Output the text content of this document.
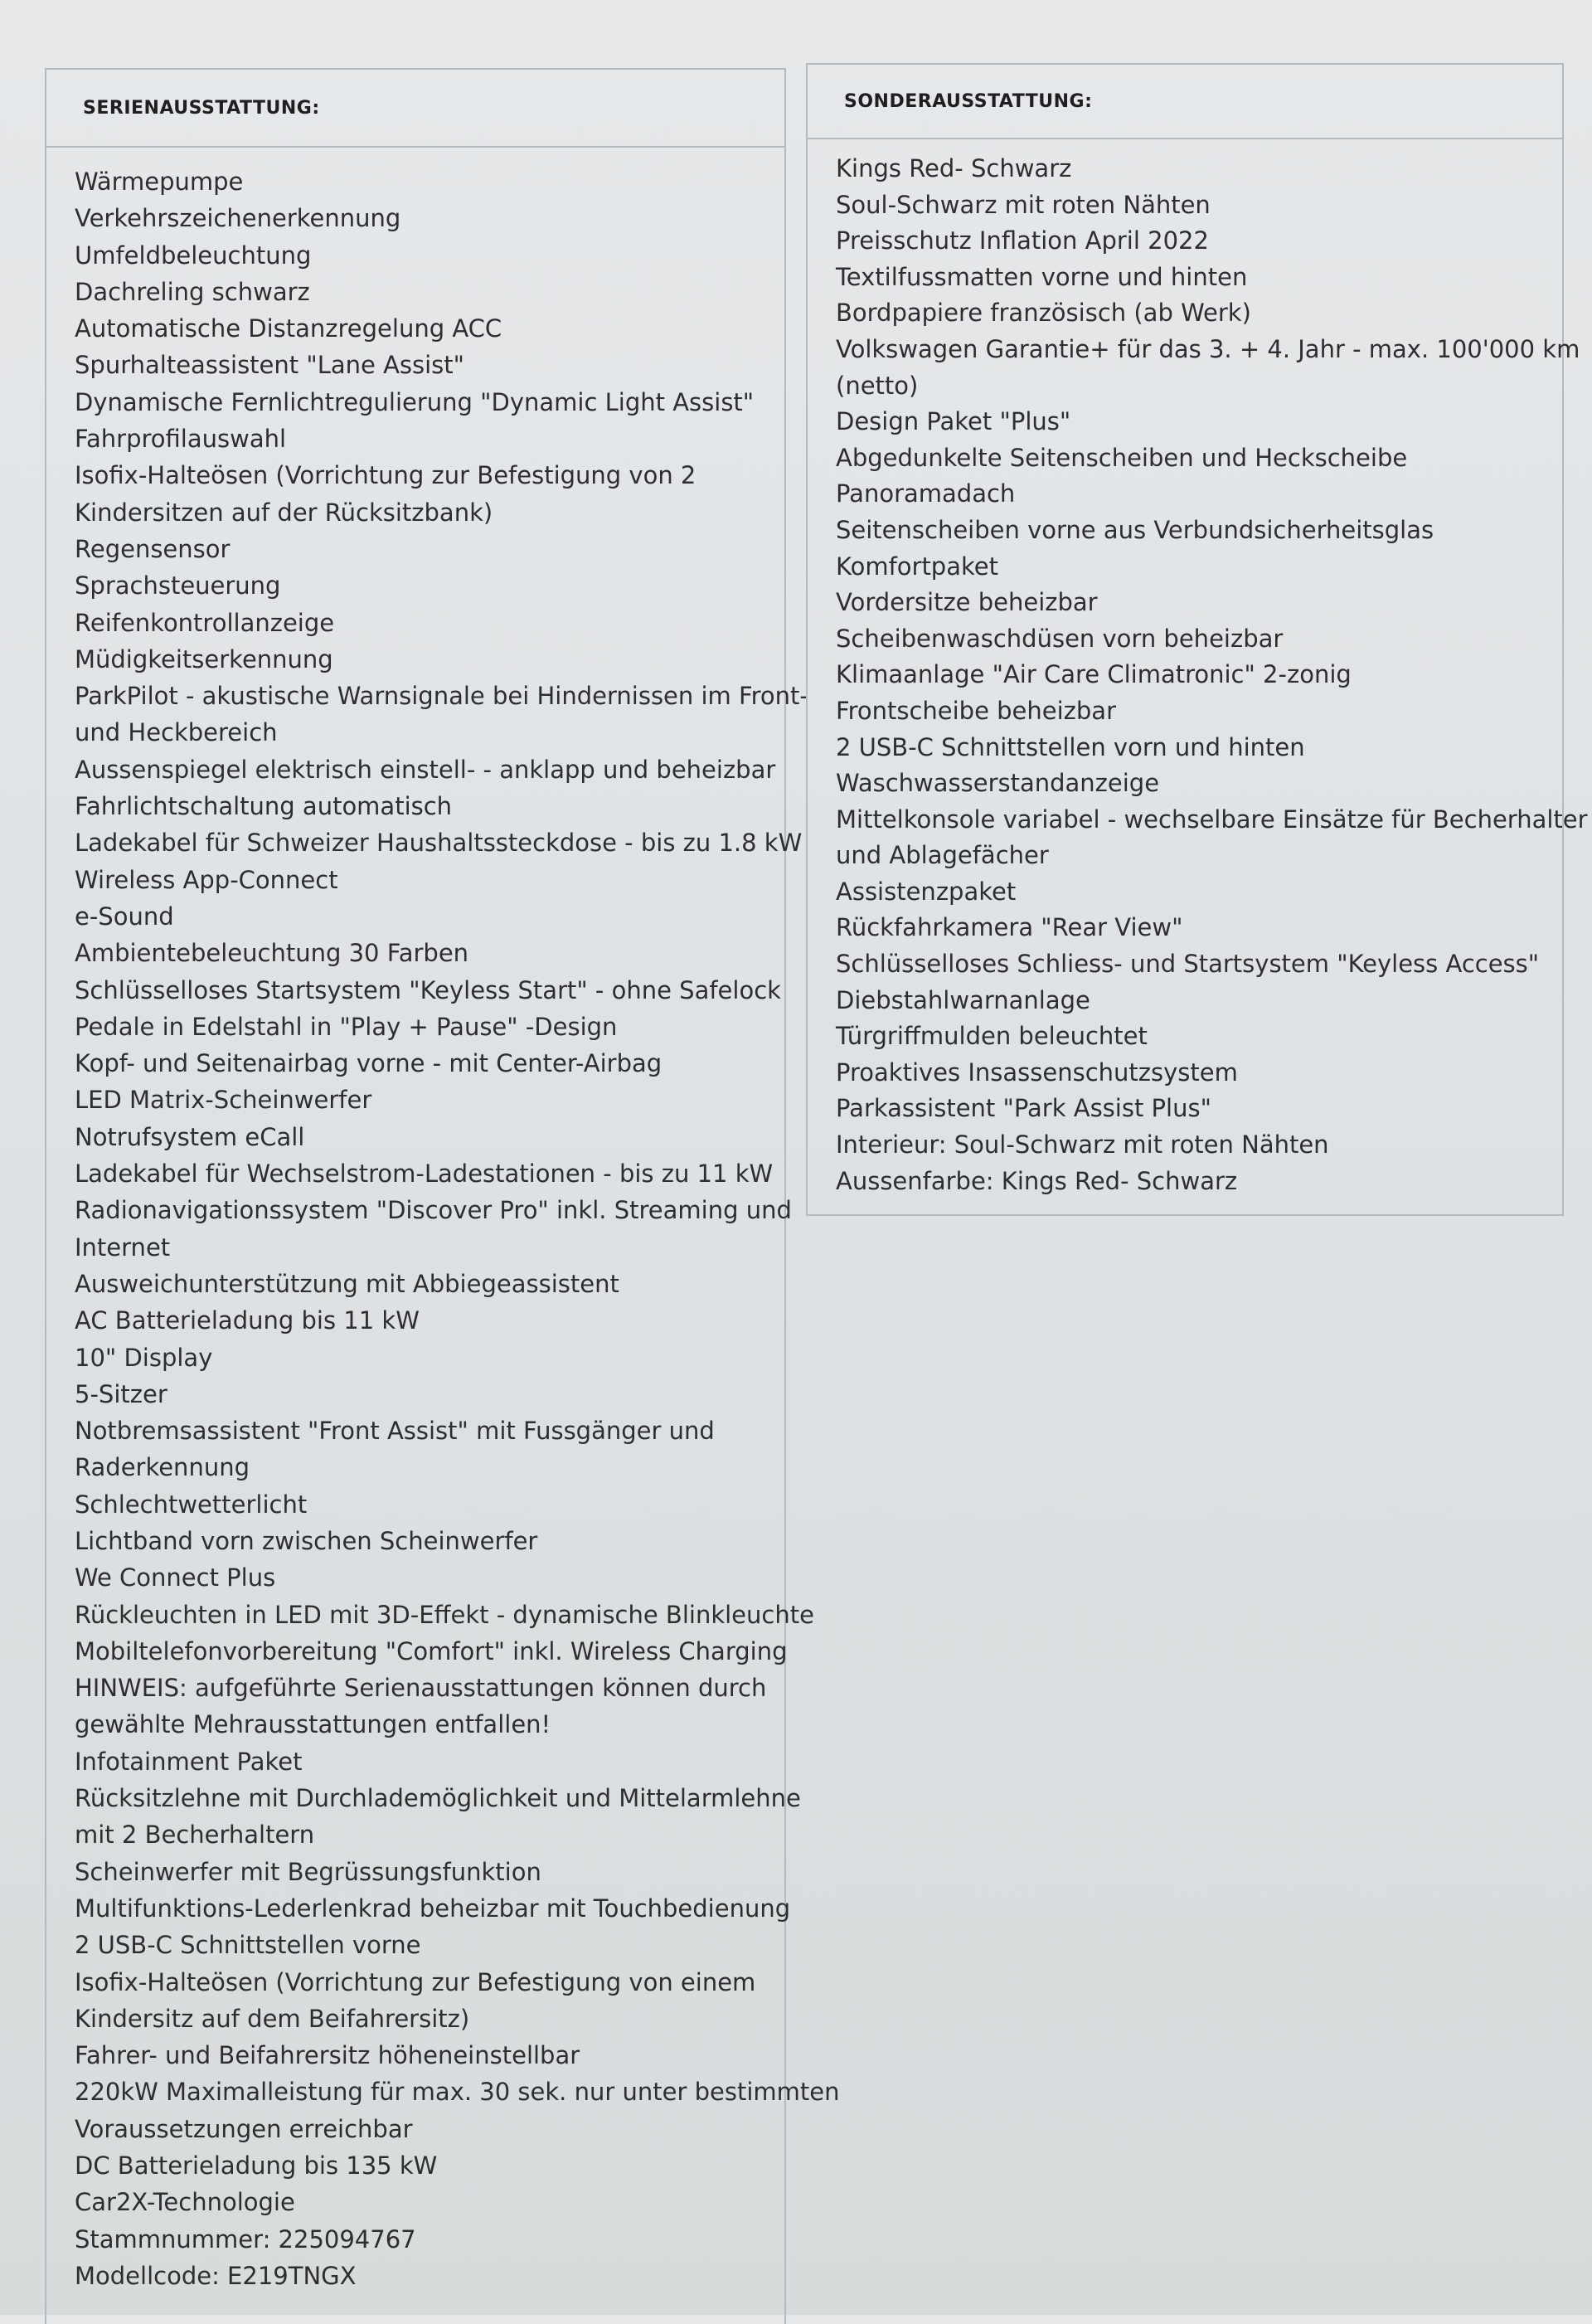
SERIENAUSSTATTUNG:
Wärmepumpe
Verkehrszeichenerkennung
Umfeldbeleuchtung
Dachreling schwarz
Automatische Distanzregelung ACC
Spurhalteassistent "Lane Assist"
Dynamische Fernlichtregulierung "Dynamic Light Assist"
Fahrprofilauswahl
Isofix-Halteösen (Vorrichtung zur Befestigung von 2
Kindersitzen auf der Rücksitzbank)
Regensensor
Sprachsteuerung
Reifenkontrollanzeige
Müdigkeitserkennung
ParkPilot - akustische Warnsignale bei Hindernissen im Front-
und Heckbereich
Aussenspiegel elektrisch einstell- - anklapp und beheizbar
Fahrlichtschaltung automatisch
Ladekabel für Schweizer Haushaltssteckdose - bis zu 1.8 kW
Wireless App-Connect
e-Sound
Ambientebeleuchtung 30 Farben
Schlüsselloses Startsystem "Keyless Start" - ohne Safelock
Pedale in Edelstahl in "Play + Pause" -Design
Kopf- und Seitenairbag vorne - mit Center-Airbag
LED Matrix-Scheinwerfer
Notrufsystem eCall
Ladekabel für Wechselstrom-Ladestationen - bis zu 11 kW
Radionavigationssystem "Discover Pro" inkl. Streaming und
Internet
Ausweichunterstützung mit Abbiegeassistent
AC Batterieladung bis 11 kW
10" Display
5-Sitzer
Notbremsassistent "Front Assist" mit Fussgänger und
Raderkennung
Schlechtwetterlicht
Lichtband vorn zwischen Scheinwerfer
We Connect Plus
Rückleuchten in LED mit 3D-Effekt - dynamische Blinkleuchte
Mobiltelefonvorbereitung "Comfort" inkl. Wireless Charging
HINWEIS: aufgeführte Serienausstattungen können durch
gewählte Mehrausstattungen entfallen!
Infotainment Paket
Rücksitzlehne mit Durchlademöglichkeit und Mittelarmlehne
mit 2 Becherhaltern
Scheinwerfer mit Begrüssungsfunktion
Multifunktions-Lederlenkrad beheizbar mit Touchbedienung
2 USB-C Schnittstellen vorne
Isofix-Halteösen (Vorrichtung zur Befestigung von einem
Kindersitz auf dem Beifahrersitz)
Fahrer- und Beifahrersitz höheneinstellbar
220kW Maximalleistung für max. 30 sek. nur unter bestimmten
Voraussetzungen erreichbar
DC Batterieladung bis 135 kW
Car2X-Technologie
Stammnummer: 225094767
Modellcode: E219TNGX
SONDERAUSSTATTUNG:
Kings Red- Schwarz
Soul-Schwarz mit roten Nähten
Preisschutz Inflation April 2022
Textilfussmatten vorne und hinten
Bordpapiere französisch (ab Werk)
Volkswagen Garantie+ für das 3. + 4. Jahr - max. 100'000 km
(netto)
Design Paket "Plus"
Abgedunkelte Seitenscheiben und Heckscheibe
Panoramadach
Seitenscheiben vorne aus Verbundsicherheitsglas
Komfortpaket
Vordersitze beheizbar
Scheibenwaschdüsen vorn beheizbar
Klimaanlage "Air Care Climatronic" 2-zonig
Frontscheibe beheizbar
2 USB-C Schnittstellen vorn und hinten
Waschwasserstandanzeige
Mittelkonsole variabel - wechselbare Einsätze für Becherhalter
und Ablagefächer
Assistenzpaket
Rückfahrkamera "Rear View"
Schlüsselloses Schliess- und Startsystem "Keyless Access"
Diebstahlwarnanlage
Türgriffmulden beleuchtet
Proaktives Insassenschutzsystem
Parkassistent "Park Assist Plus"
Interieur: Soul-Schwarz mit roten Nähten
Aussenfarbe: Kings Red- Schwarz
